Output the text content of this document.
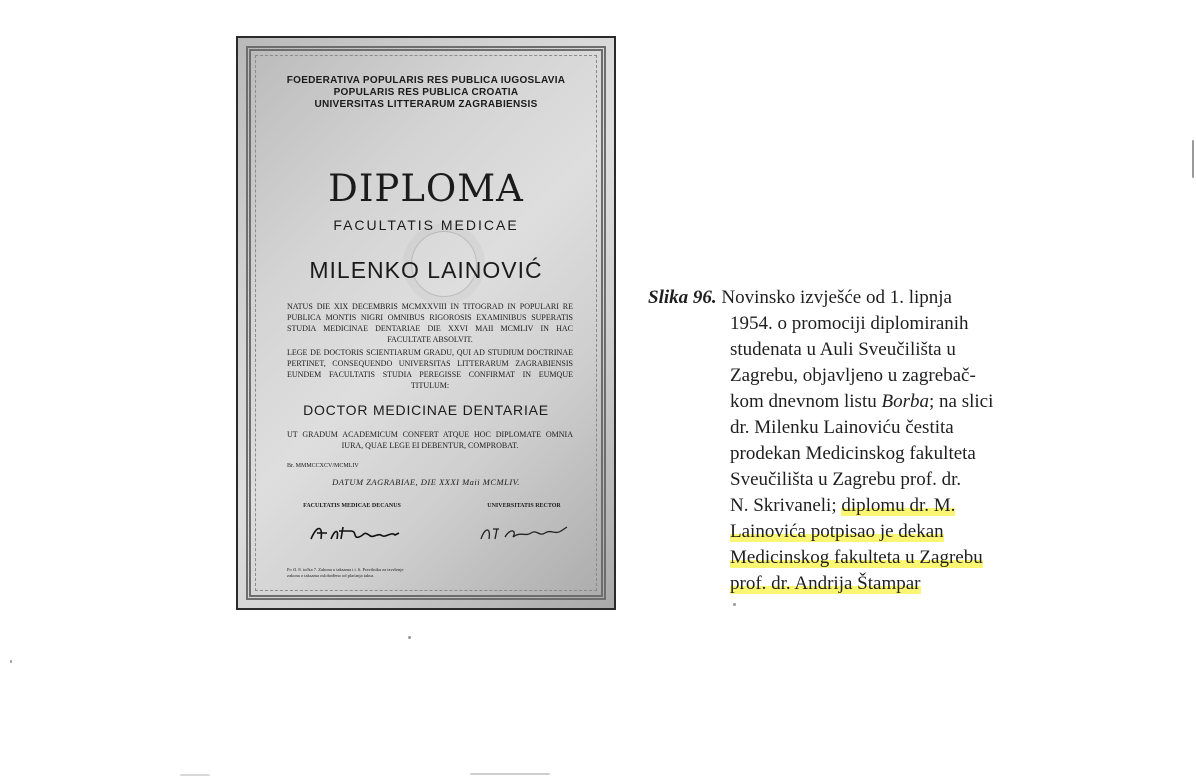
FOEDERATIVA POPULARIS RES PUBLICA IUGOSLAVIA
POPULARIS RES PUBLICA CROATIA
UNIVERSITAS LITTERARUM ZAGRABIENSIS
DIPLOMA
FACULTATIS MEDICAE
MILENKO LAINOVIĆ
NATUS DIE XIX DECEMBRIS MCMXXVIII IN TITOGRAD IN POPULARI RE PUBLICA MONTIS NIGRI OMNIBUS RIGOROSIS EXAMINIBUS SUPERATIS STUDIA MEDICINAE DENTARIAE DIE XXVI MAII MCMLIV IN HAC FACULTATE ABSOLVIT.
LEGE DE DOCTORIS SCIENTIARUM GRADU, QUI AD STUDIUM DOCTRINAE PERTINET, CONSEQUENDO UNIVERSITAS LITTERARUM ZAGRABIENSIS EUNDEM FACULTATIS STUDIA PEREGISSE CONFIRMAT IN EUMQUE TITULUM:
DOCTOR MEDICINAE DENTARIAE
UT GRADUM ACADEMICUM CONFERT ATQUE HOC DIPLOMATE OMNIA IURA, QUAE LEGE EI DEBENTUR, COMPROBAT.
Br. MMMCCXCV/MCMLIV
DATUM ZAGRABIAE, DIE XXXI Maii MCMLIV.
FACULTATIS MEDICAE DECANUS	UNIVERSITATIS RECTOR
Po čl. 8. točka 7. Zakona o taksama i t. 6. Pravilnika za izvršenje zakona o taksama oslobođeno od plaćanja taksa.
Slika 96. Novinsko izvješće od 1. lipnja
1954. o promociji diplomiranih
studenata u Auli Sveučilišta u
Zagrebu, objavljeno u zagrebač-
kom dnevnom listu Borba; na slici
dr. Milenku Lainoviću čestita
prodekan Medicinskog fakulteta
Sveučilišta u Zagrebu prof. dr.
N. Skrivaneli; diplomu dr. M.
Lainovića potpisao je dekan
Medicinskog fakulteta u Zagrebu
prof. dr. Andrija Štampar
